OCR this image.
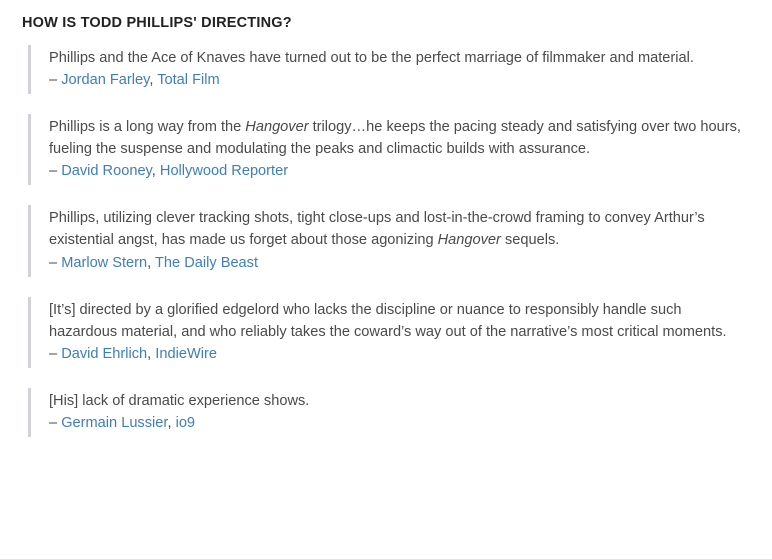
HOW IS TODD PHILLIPS' DIRECTING?

Phillips and the Ace of Knaves have turned out to be the perfect marriage of filmmaker and material.

– Jordan Farley, Total Film

Phillips is a long way from the Hangover trilogy…he keeps the pacing steady and satisfying over two hours, fueling the suspense and modulating the peaks and climactic builds with assurance.

– David Rooney, Hollywood Reporter

Phillips, utilizing clever tracking shots, tight close-ups and lost-in-the-crowd framing to convey Arthur’s existential angst, has made us forget about those agonizing Hangover sequels.

– Marlow Stern, The Daily Beast

[It’s] directed by a glorified edgelord who lacks the discipline or nuance to responsibly handle such hazardous material, and who reliably takes the coward’s way out of the narrative’s most critical moments.

– David Ehrlich, IndieWire

[His] lack of dramatic experience shows.

– Germain Lussier, io9
